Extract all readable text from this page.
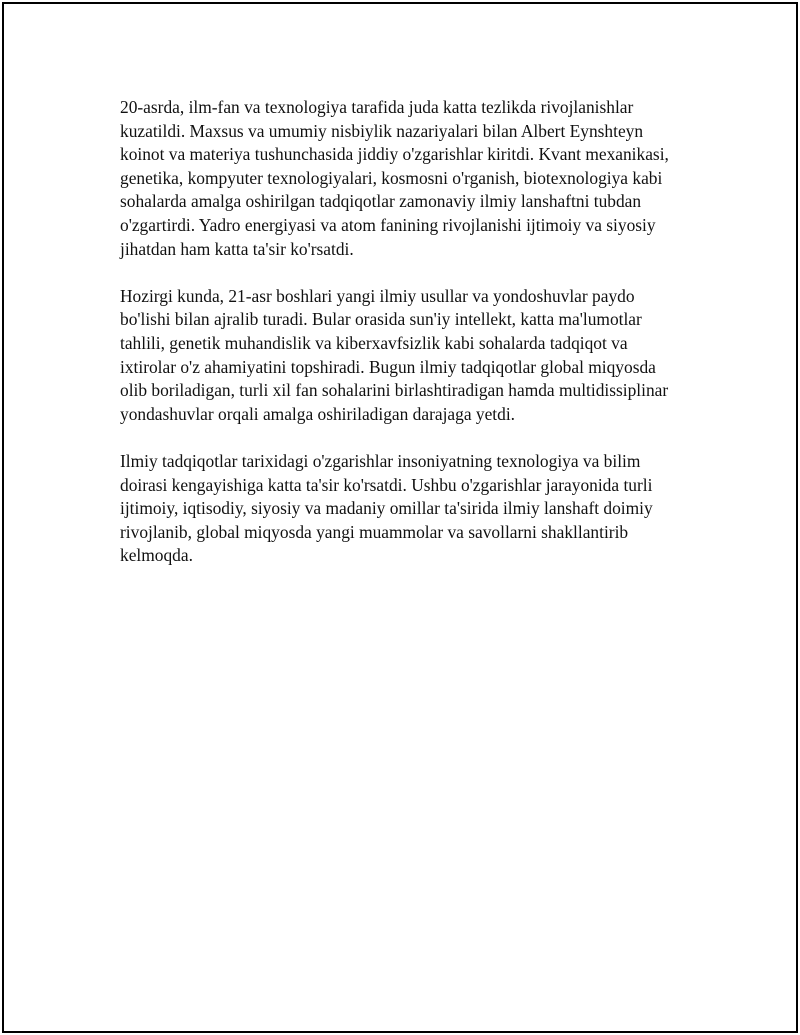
20-asrda, ilm-fan va texnologiya tarafida juda katta tezlikda rivojlanishlar kuzatildi. Maxsus va umumiy nisbiylik nazariyalari bilan Albert Eynshteyn koinot va materiya tushunchasida jiddiy o'zgarishlar kiritdi. Kvant mexanikasi, genetika, kompyuter texnologiyalari, kosmosni o'rganish, biotexnologiya kabi sohalarda amalga oshirilgan tadqiqotlar zamonaviy ilmiy lanshaftni tubdan o'zgartirdi. Yadro energiyasi va atom fanining rivojlanishi ijtimoiy va siyosiy jihatdan ham katta ta'sir ko'rsatdi.

Hozirgi kunda, 21-asr boshlari yangi ilmiy usullar va yondoshuvlar paydo bo'lishi bilan ajralib turadi. Bular orasida sun'iy intellekt, katta ma'lumotlar tahlili, genetik muhandislik va kiberxavfsizlik kabi sohalarda tadqiqot va ixtirolar o'z ahamiyatini topshiradi. Bugun ilmiy tadqiqotlar global miqyosda olib boriladigan, turli xil fan sohalarini birlashtiradigan hamda multidissiplinar yondashuvlar orqali amalga oshiriladigan darajaga yetdi.

Ilmiy tadqiqotlar tarixidagi o'zgarishlar insoniyatning texnologiya va bilim doirasi kengayishiga katta ta'sir ko'rsatdi. Ushbu o'zgarishlar jarayonida turli ijtimoiy, iqtisodiy, siyosiy va madaniy omillar ta'sirida ilmiy lanshaft doimiy rivojlanib, global miqyosda yangi muammolar va savollarni shakllantirib kelmoqda.
